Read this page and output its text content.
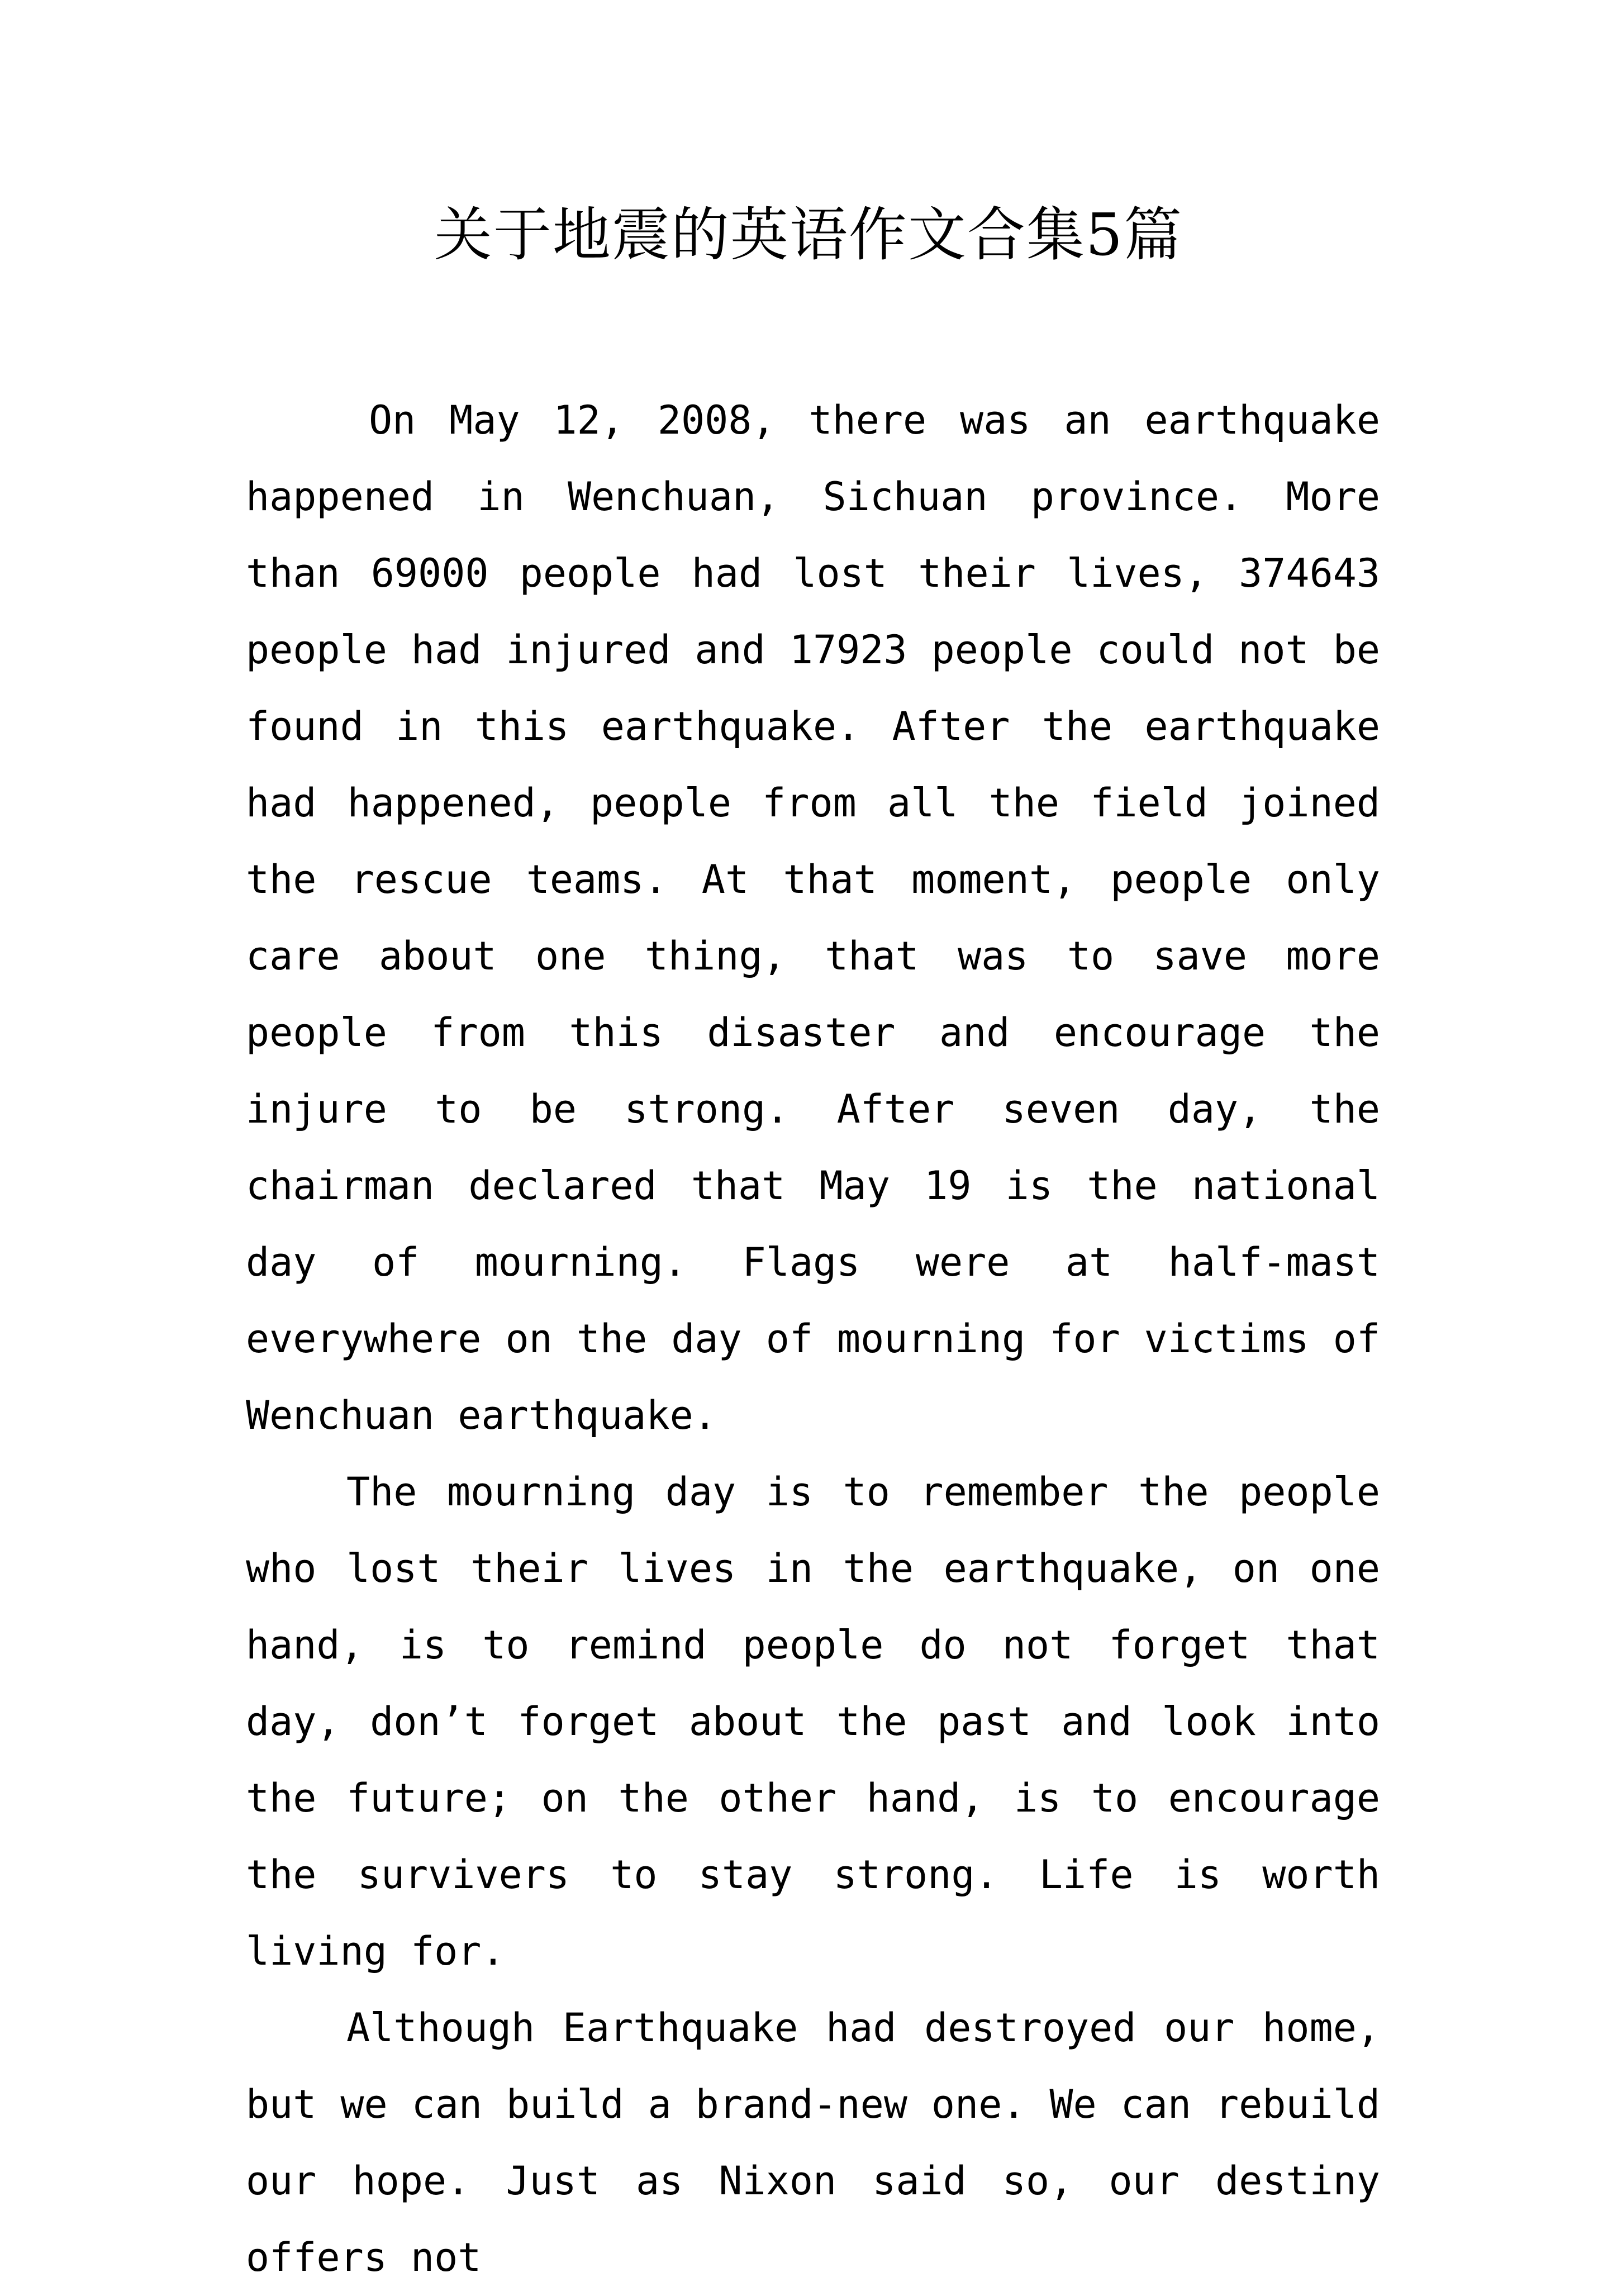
关于地震的英语作文合集5篇

On May 12, 2008, there was an earthquake happened in Wenchuan, Sichuan province. More than 69000 people had lost their lives, 374643 people had injured and 17923 people could not be found in this earthquake. After the earthquake had happened, people from all the field joined the rescue teams. At that moment, people only care about one thing, that was to save more people from this disaster and encourage the injure to be strong. After seven day, the chairman declared that May 19 is the national day of mourning. Flags were at half-mast everywhere on the day of mourning for victims of Wenchuan earthquake.

The mourning day is to remember the people who lost their lives in the earthquake, on one hand, is to remind people do not forget that day, don’t forget about the past and look into the future; on the other hand, is to encourage the survivers to stay strong. Life is worth living for.

Although Earthquake had destroyed our home, but we can build a brand-new one. We can rebuild our hope. Just as Nixon said so, our destiny offers not
